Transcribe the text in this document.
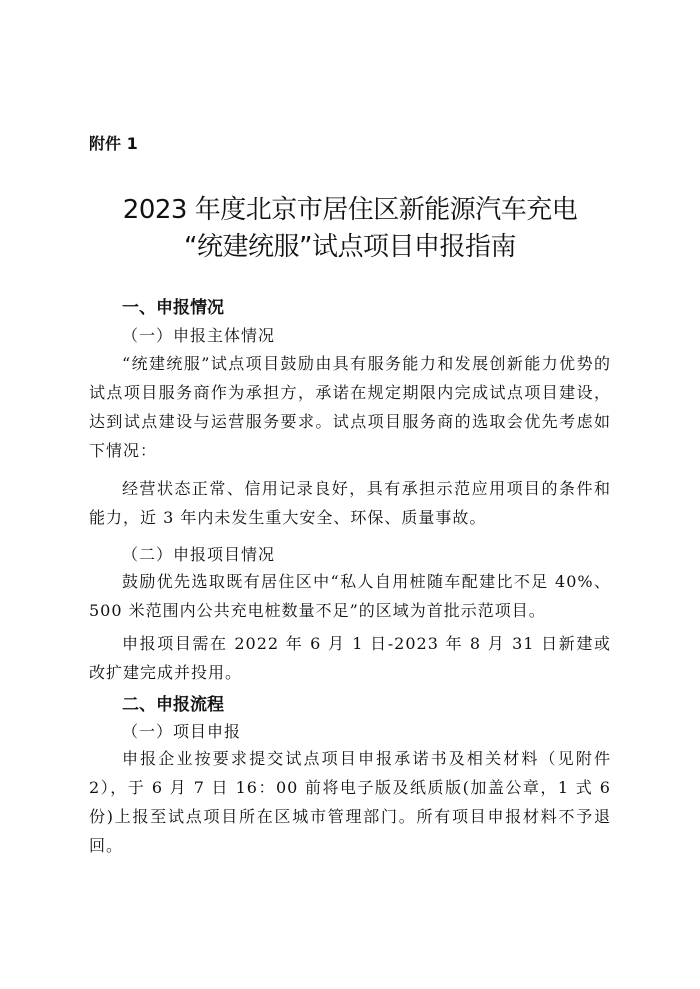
附件 1
2023 年度北京市居住区新能源汽车充电
“统建统服”试点项目申报指南
一、申报情况
（一）申报主体情况

“统建统服”试点项目鼓励由具有服务能力和发展创新能力优势的试点项目服务商作为承担方，承诺在规定期限内完成试点项目建设，达到试点建设与运营服务要求。试点项目服务商的选取会优先考虑如下情况：

经营状态正常、信用记录良好，具有承担示范应用项目的条件和能力，近 3 年内未发生重大安全、环保、质量事故。

（二）申报项目情况

鼓励优先选取既有居住区中“私人自用桩随车配建比不足 40%、500 米范围内公共充电桩数量不足”的区域为首批示范项目。

申报项目需在 2022 年 6 月 1 日-2023 年 8 月 31 日新建或改扩建完成并投用。

二、申报流程
（一）项目申报

申报企业按要求提交试点项目申报承诺书及相关材料（见附件 2），于 6 月 7 日 16：00 前将电子版及纸质版(加盖公章，1 式 6 份)上报至试点项目所在区城市管理部门。所有项目申报材料不予退回。
